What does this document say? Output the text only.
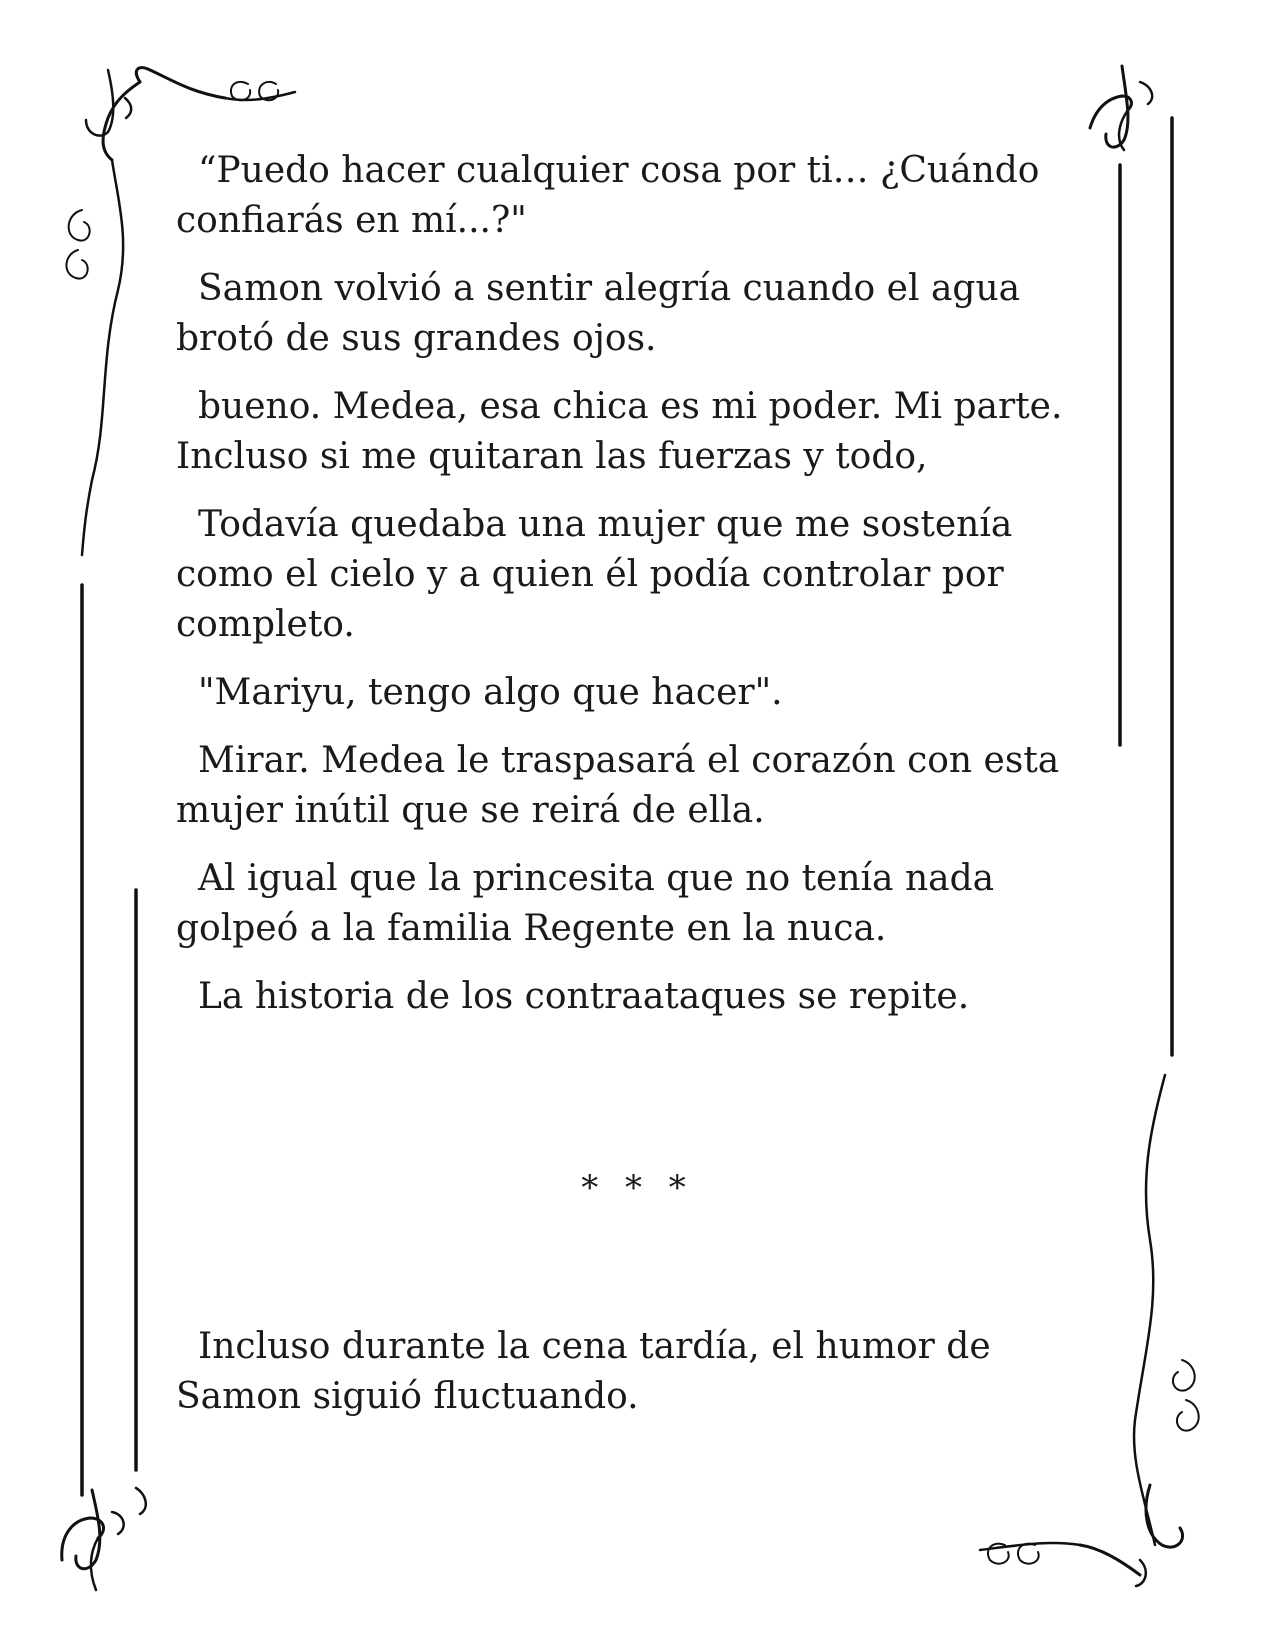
“Puedo hacer cualquier cosa por ti… ¿Cuándo confiarás en mí...?"

Samon volvió a sentir alegría cuando el agua brotó de sus grandes ojos.

bueno. Medea, esa chica es mi poder. Mi parte. Incluso si me quitaran las fuerzas y todo,

Todavía quedaba una mujer que me sostenía como el cielo y a quien él podía controlar por completo.

"Mariyu, tengo algo que hacer".

Mirar. Medea le traspasará el corazón con esta mujer inútil que se reirá de ella.

Al igual que la princesita que no tenía nada golpeó a la familia Regente en la nuca.

La historia de los contraataques se repite.

* * *

Incluso durante la cena tardía, el humor de Samon siguió fluctuando.
